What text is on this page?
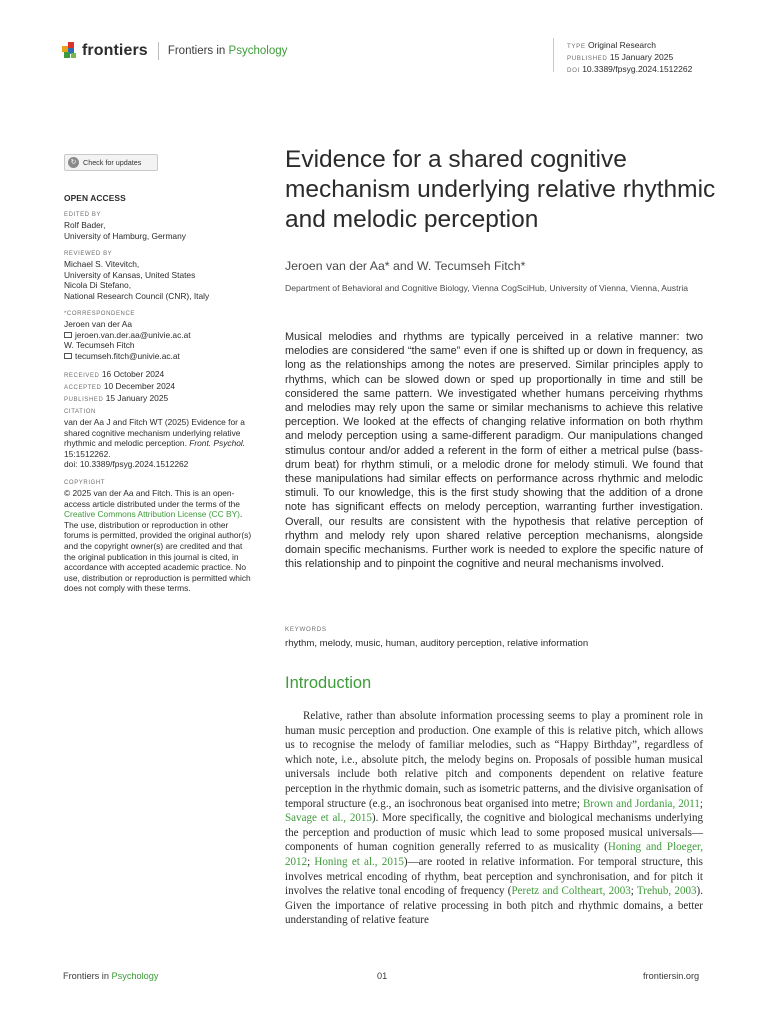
frontiers Frontiers in Psychology	TYPE Original Research
PUBLISHED 15 January 2025
DOI 10.3389/fpsyg.2024.1512262
↻ Check for updates
OPEN ACCESS
EDITED BY
Rolf Bader,
University of Hamburg, Germany
REVIEWED BY
Michael S. Vitevitch,
University of Kansas, United States
Nicola Di Stefano,
National Research Council (CNR), Italy
*CORRESPONDENCE
Jeroen van der Aa
jeroen.van.der.aa@univie.ac.at
W. Tecumseh Fitch
tecumseh.fitch@univie.ac.at
RECEIVED 16 October 2024
ACCEPTED 10 December 2024
PUBLISHED 15 January 2025
CITATION
van der Aa J and Fitch WT (2025) Evidence for a shared cognitive mechanism underlying relative rhythmic and melodic perception. Front. Psychol. 15:1512262.
doi: 10.3389/fpsyg.2024.1512262
COPYRIGHT
© 2025 van der Aa and Fitch. This is an open-access article distributed under the terms of the Creative Commons Attribution License (CC BY). The use, distribution or reproduction in other forums is permitted, provided the original author(s) and the copyright owner(s) are credited and that the original publication in this journal is cited, in accordance with accepted academic practice. No use, distribution or reproduction is permitted which does not comply with these terms.
Evidence for a shared cognitive mechanism underlying relative rhythmic and melodic perception
Jeroen van der Aa* and W. Tecumseh Fitch*
Department of Behavioral and Cognitive Biology, Vienna CogSciHub, University of Vienna, Vienna, Austria
Musical melodies and rhythms are typically perceived in a relative manner: two melodies are considered “the same” even if one is shifted up or down in frequency, as long as the relationships among the notes are preserved. Similar principles apply to rhythms, which can be slowed down or sped up proportionally in time and still be considered the same pattern. We investigated whether humans perceiving rhythms and melodies may rely upon the same or similar mechanisms to achieve this relative perception. We looked at the effects of changing relative information on both rhythm and melody perception using a same-different paradigm. Our manipulations changed stimulus contour and/or added a referent in the form of either a metrical pulse (bass-drum beat) for rhythm stimuli, or a melodic drone for melody stimuli. We found that these manipulations had similar effects on performance across rhythmic and melodic stimuli. To our knowledge, this is the first study showing that the addition of a drone note has significant effects on melody perception, warranting further investigation. Overall, our results are consistent with the hypothesis that relative perception of rhythm and melody rely upon shared relative perception mechanisms, alongside domain specific mechanisms. Further work is needed to explore the specific nature of this relationship and to pinpoint the cognitive and neural mechanisms involved.
KEYWORDS
rhythm, melody, music, human, auditory perception, relative information
Introduction
Relative, rather than absolute information processing seems to play a prominent role in human music perception and production. One example of this is relative pitch, which allows us to recognise the melody of familiar melodies, such as “Happy Birthday”, regardless of which note, i.e., absolute pitch, the melody begins on. Proposals of possible human musical universals include both relative pitch and components dependent on relative feature perception in the rhythmic domain, such as isometric patterns, and the divisive organisation of temporal structure (e.g., an isochronous beat organised into metre; Brown and Jordania, 2011; Savage et al., 2015). More specifically, the cognitive and biological mechanisms underlying the perception and production of music which lead to some proposed musical universals—components of human cognition generally referred to as musicality (Honing and Ploeger, 2012; Honing et al., 2015)—are rooted in relative information. For temporal structure, this involves metrical encoding of rhythm, beat perception and synchronisation, and for pitch it involves the relative tonal encoding of frequency (Peretz and Coltheart, 2003; Trehub, 2003). Given the importance of relative processing in both pitch and rhythmic domains, a better understanding of relative feature
Frontiers in Psychology	01	frontiersin.org
